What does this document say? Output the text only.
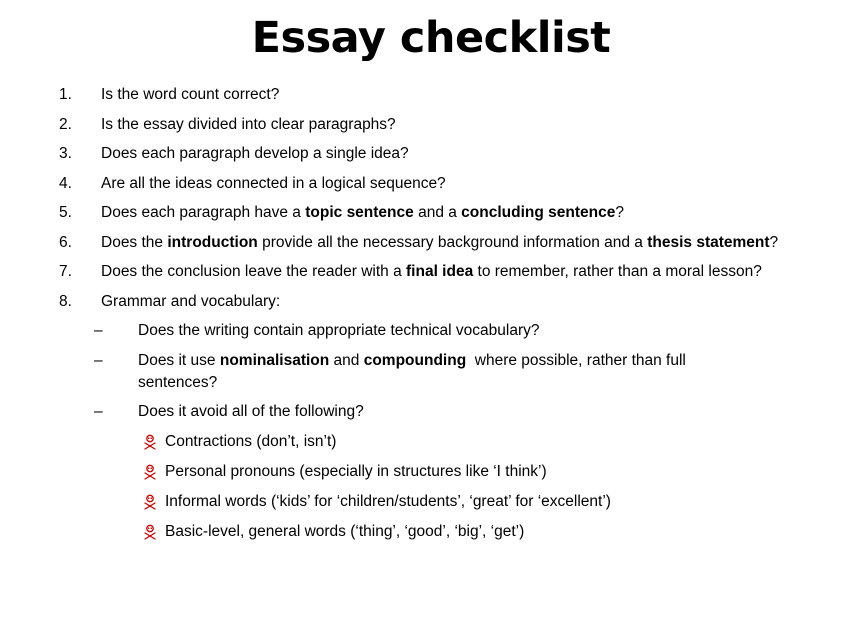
Essay checklist
1. Is the word count correct?
2. Is the essay divided into clear paragraphs?
3. Does each paragraph develop a single idea?
4. Are all the ideas connected in a logical sequence?
5. Does each paragraph have a topic sentence and a concluding sentence?
6. Does the introduction provide all the necessary background information and a thesis statement?
7. Does the conclusion leave the reader with a final idea to remember, rather than a moral lesson?
8. Grammar and vocabulary:
– Does the writing contain appropriate technical vocabulary?
– Does it use nominalisation and compounding  where possible, rather than full sentences?
– Does it avoid all of the following?
Contractions (don’t, isn’t)
Personal pronouns (especially in structures like ‘I think’)
Informal words (‘kids’ for ‘children/students’, ‘great’ for ‘excellent’)
Basic-level, general words (‘thing’, ‘good’, ‘big’, ‘get’)
